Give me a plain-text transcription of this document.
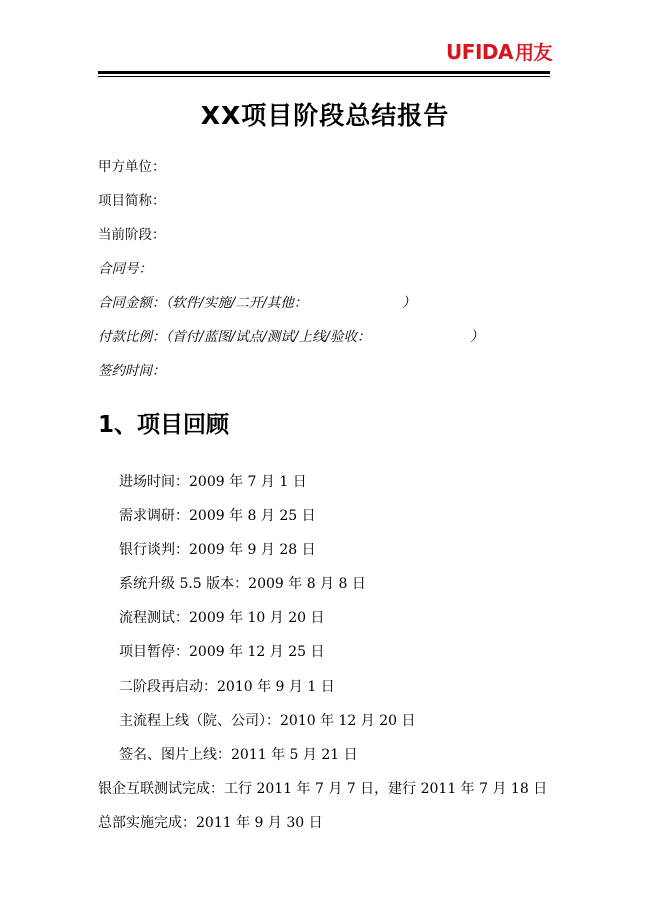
UFIDA 用友
XX项目阶段总结报告
甲方单位：
项目简称：
当前阶段：
合同号：
合同金额：（软件/实施/二开/其他：	）
付款比例：（首付/蓝图/试点/测试/上线/验收：	）
签约时间：
1、项目回顾
进场时间：2009 年 7 月 1 日
需求调研：2009 年 8 月 25 日
银行谈判：2009 年 9 月 28 日
系统升级 5.5 版本：2009 年 8 月 8 日
流程测试：2009 年 10 月 20 日
项目暂停：2009 年 12 月 25 日
二阶段再启动：2010 年 9 月 1 日
主流程上线（院、公司）：2010 年 12 月 20 日
签名、图片上线：2011 年 5 月 21 日
银企互联测试完成：工行 2011 年 7 月 7 日，建行 2011 年 7 月 18 日
总部实施完成：2011 年 9 月 30 日
